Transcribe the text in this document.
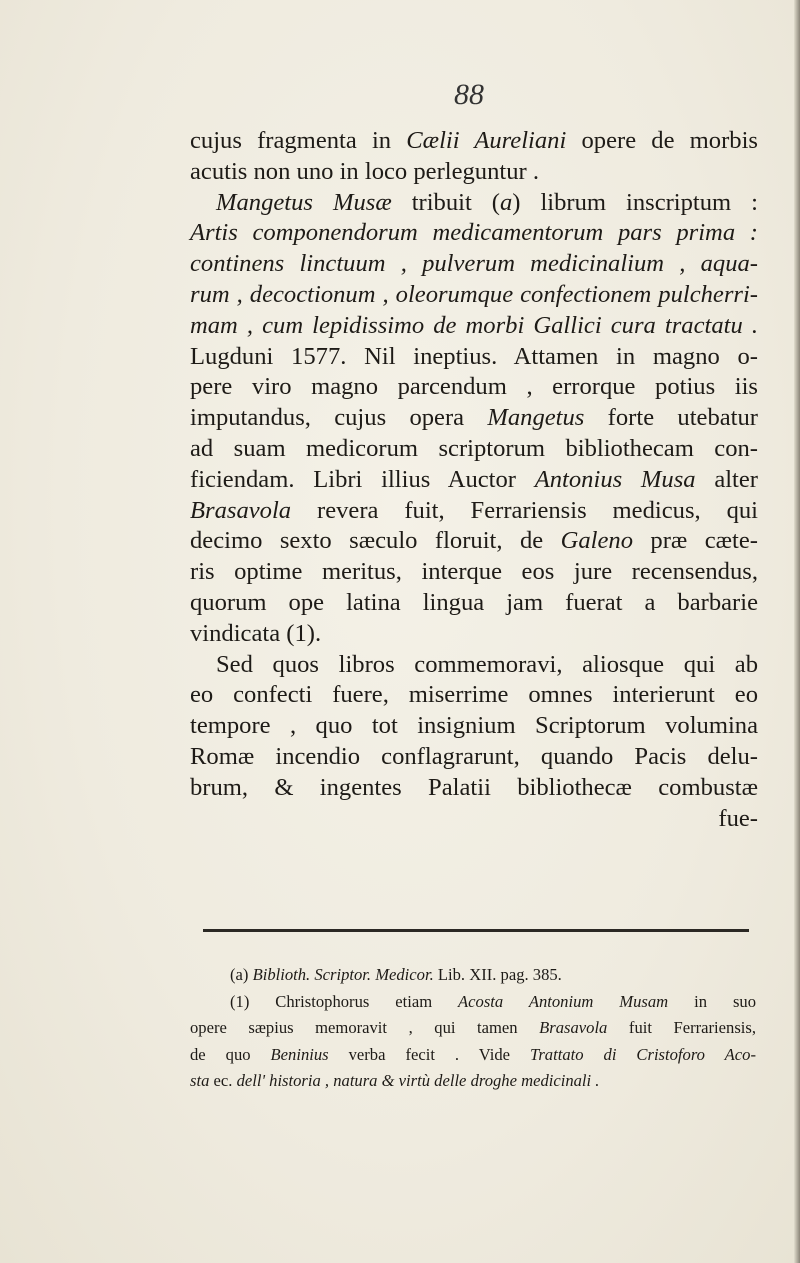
88
cujus fragmenta in Cælii Aureliani opere de morbis
acutis non uno in loco perleguntur .
Mangetus Musæ tribuit (a) librum inscriptum :
Artis componendorum medicamentorum pars prima :
continens linctuum , pulverum medicinalium , aqua-
rum , decoctionum , oleorumque confectionem pulcherri-
mam , cum lepidissimo de morbi Gallici cura tractatu .
Lugduni 1577. Nil ineptius. Attamen in magno o-
pere viro magno parcendum , errorque potius iis
imputandus, cujus opera Mangetus forte utebatur
ad suam medicorum scriptorum bibliothecam con-
ficiendam. Libri illius Auctor Antonius Musa alter
Brasavola revera fuit, Ferrariensis medicus, qui
decimo sexto sæculo floruit, de Galeno præ cæte-
ris optime meritus, interque eos jure recensendus,
quorum ope latina lingua jam fuerat a barbarie
vindicata (1).
Sed quos libros commemoravi, aliosque qui ab
eo confecti fuere, miserrime omnes interierunt eo
tempore , quo tot insignium Scriptorum volumina
Romæ incendio conflagrarunt, quando Pacis delu-
brum, & ingentes Palatii bibliothecæ combustæ
fue-
(a) Biblioth. Scriptor. Medicor. Lib. XII. pag. 385.
(1) Christophorus etiam Acosta Antonium Musam in suo
opere sæpius memoravit , qui tamen Brasavola fuit Ferrariensis,
de quo Beninius verba fecit . Vide Trattato di Cristoforo Aco-
sta ec. dell' historia , natura & virtù delle droghe medicinali .
